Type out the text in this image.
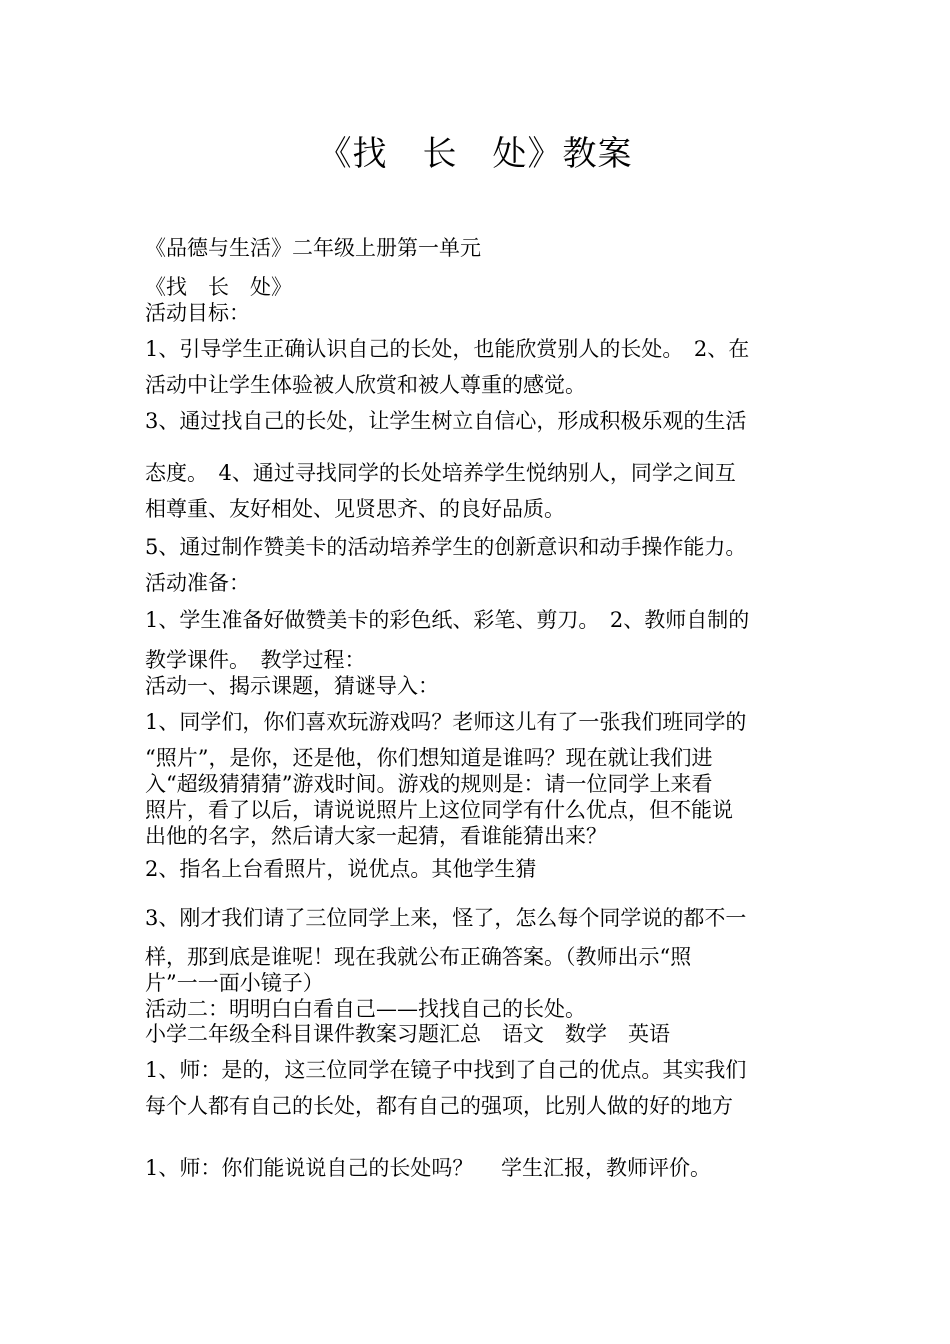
《找　长　处》教案
《品德与生活》二年级上册第一单元
《找　长　处》
活动目标：
1、引导学生正确认识自己的长处，也能欣赏别人的长处。　2、在
活动中让学生体验被人欣赏和被人尊重的感觉。
3、通过找自己的长处，让学生树立自信心，形成积极乐观的生活
态度。　4、通过寻找同学的长处培养学生悦纳别人，同学之间互
相尊重、友好相处、见贤思齐、的良好品质。
5、通过制作赞美卡的活动培养学生的创新意识和动手操作能力。
活动准备：
1、学生准备好做赞美卡的彩色纸、彩笔、剪刀。　2、教师自制的
教学课件。　教学过程：
活动一、揭示课题，猜谜导入：
1、同学们，你们喜欢玩游戏吗？老师这儿有了一张我们班同学的
“照片”，是你，还是他，你们想知道是谁吗？现在就让我们进
入“超级猜猜猜”游戏时间。游戏的规则是：请一位同学上来看
照片，看了以后，请说说照片上这位同学有什么优点，但不能说
出他的名字，然后请大家一起猜，看谁能猜出来？
2、指名上台看照片，说优点。其他学生猜
3、刚才我们请了三位同学上来，怪了，怎么每个同学说的都不一
样，那到底是谁呢！现在我就公布正确答案。（教师出示“照
片”一一面小镜子）
活动二：明明白白看自己——找找自己的长处。
小学二年级全科目课件教案习题汇总　语文　数学　英语
1、师：是的，这三位同学在镜子中找到了自己的优点。其实我们
每个人都有自己的长处，都有自己的强项，比别人做的好的地方
1、师：你们能说说自己的长处吗？　 学生汇报，教师评价。
